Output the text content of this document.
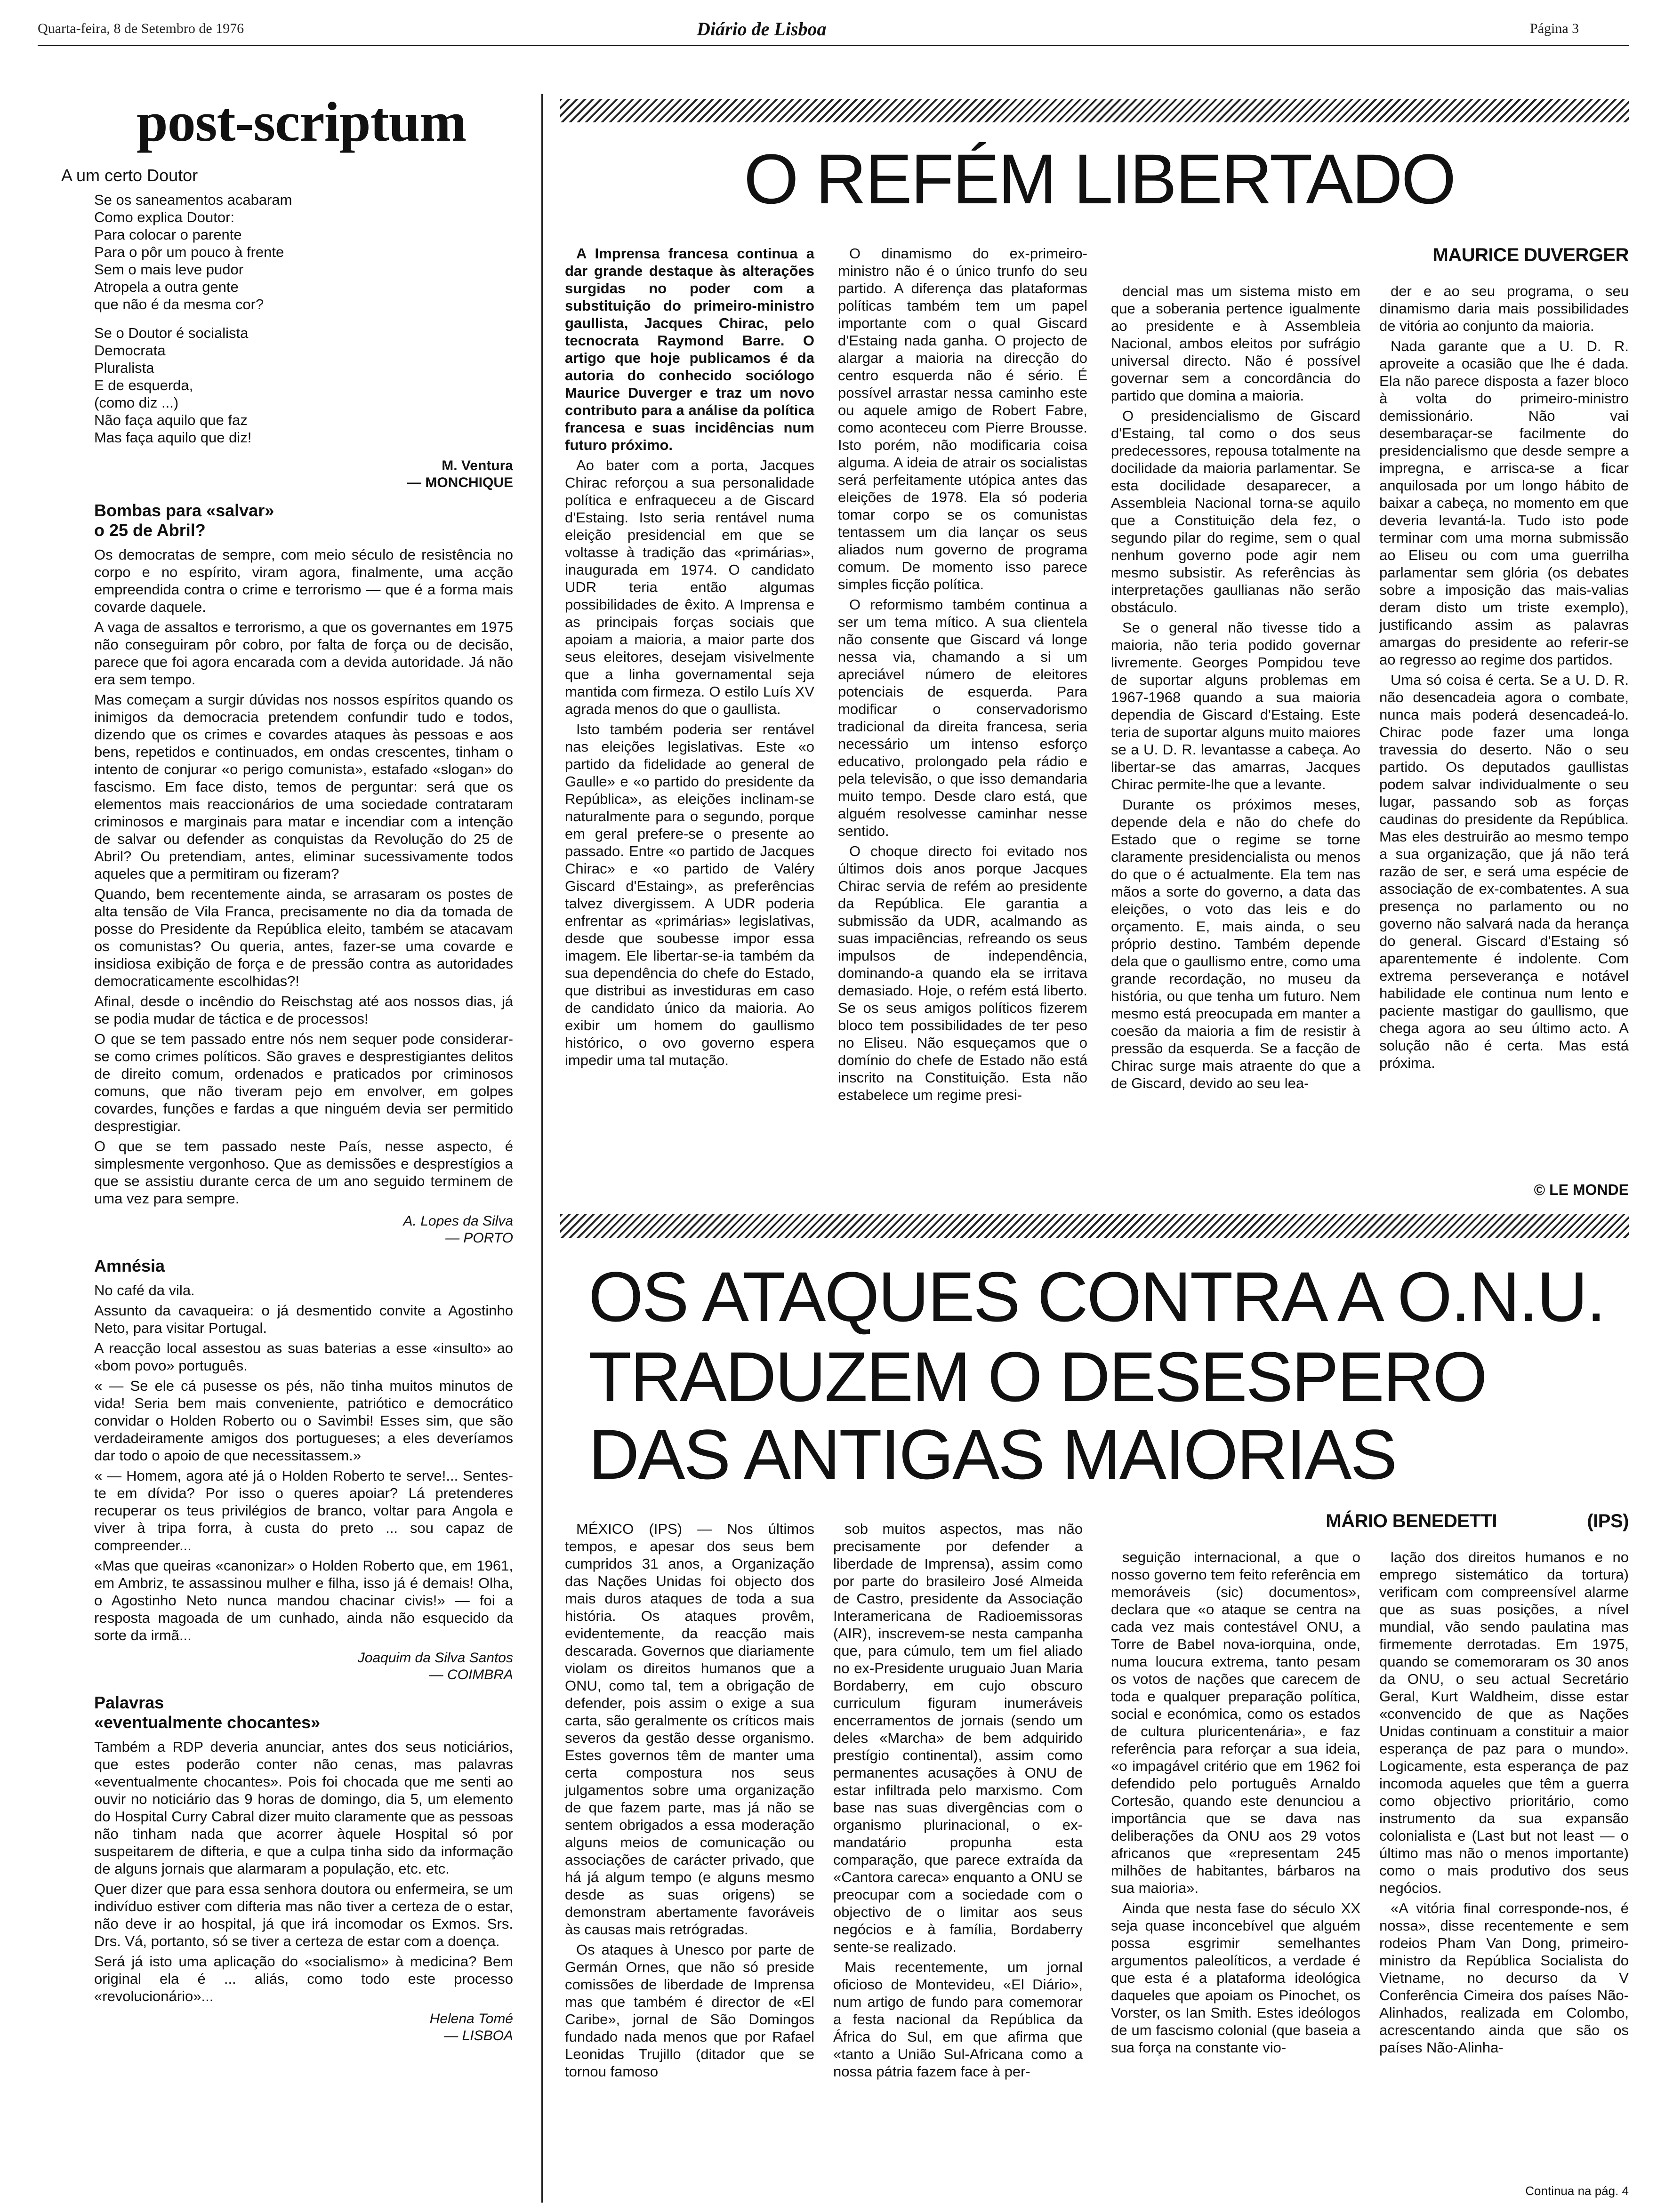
Quarta-feira, 8 de Setembro de 1976	Diário de Lisboa	Página 3
post-scriptum
A um certo Doutor
Se os saneamentos acabaram
Como explica Doutor:
Para colocar o parente
Para o pôr um pouco à frente
Sem o mais leve pudor
Atropela a outra gente
que não é da mesma cor?
Se o Doutor é socialista
Democrata
Pluralista
E de esquerda,
(como diz ...)
Não faça aquilo que faz
Mas faça aquilo que diz!
M. Ventura
— MONCHIQUE
Bombas para «salvar»
o 25 de Abril?

Os democratas de sempre, com meio século de resistência no corpo e no espírito, viram agora, finalmente, uma acção empreendida contra o crime e terrorismo — que é a forma mais covarde daquele.

A vaga de assaltos e terrorismo, a que os governantes em 1975 não conseguiram pôr cobro, por falta de força ou de decisão, parece que foi agora encarada com a devida autoridade. Já não era sem tempo.

Mas começam a surgir dúvidas nos nossos espíritos quando os inimigos da democracia pretendem confundir tudo e todos, dizendo que os crimes e covardes ataques às pessoas e aos bens, repetidos e continuados, em ondas crescentes, tinham o intento de conjurar «o perigo comunista», estafado «slogan» do fascismo. Em face disto, temos de perguntar: será que os elementos mais reaccionários de uma sociedade contrataram criminosos e marginais para matar e incendiar com a intenção de salvar ou defender as conquistas da Revolução do 25 de Abril? Ou pretendiam, antes, eliminar sucessivamente todos aqueles que a permitiram ou fizeram?

Quando, bem recentemente ainda, se arrasaram os postes de alta tensão de Vila Franca, precisamente no dia da tomada de posse do Presidente da República eleito, também se atacavam os comunistas? Ou queria, antes, fazer-se uma covarde e insidiosa exibição de força e de pressão contra as autoridades democraticamente escolhidas?!

Afinal, desde o incêndio do Reischstag até aos nossos dias, já se podia mudar de táctica e de processos!

O que se tem passado entre nós nem sequer pode considerar-se como crimes políticos. São graves e desprestigiantes delitos de direito comum, ordenados e praticados por criminosos comuns, que não tiveram pejo em envolver, em golpes covardes, funções e fardas a que ninguém devia ser permitido desprestigiar.

O que se tem passado neste País, nesse aspecto, é simplesmente vergonhoso. Que as demissões e desprestígios a que se assistiu durante cerca de um ano seguido terminem de uma vez para sempre.

A. Lopes da Silva
— PORTO
Amnésia

No café da vila.

Assunto da cavaqueira: o já desmentido convite a Agostinho Neto, para visitar Portugal.

A reacção local assestou as suas baterias a esse «insulto» ao «bom povo» português.

« — Se ele cá pusesse os pés, não tinha muitos minutos de vida! Seria bem mais conveniente, patriótico e democrático convidar o Holden Roberto ou o Savimbi! Esses sim, que são verdadeiramente amigos dos portugueses; a eles deveríamos dar todo o apoio de que necessitassem.»

« — Homem, agora até já o Holden Roberto te serve!... Sentes-te em dívida? Por isso o queres apoiar? Lá pretenderes recuperar os teus privilégios de branco, voltar para Angola e viver à tripa forra, à custa do preto ... sou capaz de compreender...

«Mas que queiras «canonizar» o Holden Roberto que, em 1961, em Ambriz, te assassinou mulher e filha, isso já é demais! Olha, o Agostinho Neto nunca mandou chacinar civis!» — foi a resposta magoada de um cunhado, ainda não esquecido da sorte da irmã...

Joaquim da Silva Santos
— COIMBRA
Palavras
«eventualmente chocantes»

Também a RDP deveria anunciar, antes dos seus noticiários, que estes poderão conter não cenas, mas palavras «eventualmente chocantes». Pois foi chocada que me senti ao ouvir no noticiário das 9 horas de domingo, dia 5, um elemento do Hospital Curry Cabral dizer muito claramente que as pessoas não tinham nada que acorrer àquele Hospital só por suspeitarem de difteria, e que a culpa tinha sido da informação de alguns jornais que alarmaram a população, etc. etc.

Quer dizer que para essa senhora doutora ou enfermeira, se um indivíduo estiver com difteria mas não tiver a certeza de o estar, não deve ir ao hospital, já que irá incomodar os Exmos. Srs. Drs. Vá, portanto, só se tiver a certeza de estar com a doença.

Será já isto uma aplicação do «socialismo» à medicina? Bem original ela é ... aliás, como todo este processo «revolucionário»...

Helena Tomé
— LISBOA
O REFÉM LIBERTADO
MAURICE DUVERGER

A Imprensa francesa continua a dar grande destaque às alterações surgidas no poder com a substituição do primeiro-ministro gaullista, Jacques Chirac, pelo tecnocrata Raymond Barre. O artigo que hoje publicamos é da autoria do conhecido sociólogo Maurice Duverger e traz um novo contributo para a análise da política francesa e suas incidências num futuro próximo.

Ao bater com a porta, Jacques Chirac reforçou a sua personalidade política e enfraqueceu a de Giscard d'Estaing. Isto seria rentável numa eleição presidencial em que se voltasse à tradição das «primárias», inaugurada em 1974. O candidato UDR teria então algumas possibilidades de êxito. A Imprensa e as principais forças sociais que apoiam a maioria, a maior parte dos seus eleitores, desejam visivelmente que a linha governamental seja mantida com firmeza. O estilo Luís XV agrada menos do que o gaullista.

Isto também poderia ser rentável nas eleições legislativas. Este «o partido da fidelidade ao general de Gaulle» e «o partido do presidente da República», as eleições inclinam-se naturalmente para o segundo, porque em geral prefere-se o presente ao passado. Entre «o partido de Jacques Chirac» e «o partido de Valéry Giscard d'Estaing», as preferências talvez divergissem. A UDR poderia enfrentar as «primárias» legislativas, desde que soubesse impor essa imagem. Ele libertar-se-ia também da sua dependência do chefe do Estado, que distribui as investiduras em caso de candidato único da maioria. Ao exibir um homem do gaullismo histórico, o ovo governo espera impedir uma tal mutação.

O dinamismo do ex-primeiro-ministro não é o único trunfo do seu partido. A diferença das plataformas políticas também tem um papel importante com o qual Giscard d'Estaing nada ganha. O projecto de alargar a maioria na direcção do centro esquerda não é sério. É possível arrastar nessa caminho este ou aquele amigo de Robert Fabre, como aconteceu com Pierre Brousse. Isto porém, não modificaria coisa alguma. A ideia de atrair os socialistas será perfeitamente utópica antes das eleições de 1978. Ela só poderia tomar corpo se os comunistas tentassem um dia lançar os seus aliados num governo de programa comum. De momento isso parece simples ficção política.

O reformismo também continua a ser um tema mítico. A sua clientela não consente que Giscard vá longe nessa via, chamando a si um apreciável número de eleitores potenciais de esquerda. Para modificar o conservadorismo tradicional da direita francesa, seria necessário um intenso esforço educativo, prolongado pela rádio e pela televisão, o que isso demandaria muito tempo. Desde claro está, que alguém resolvesse caminhar nesse sentido.

O choque directo foi evitado nos últimos dois anos porque Jacques Chirac servia de refém ao presidente da República. Ele garantia a submissão da UDR, acalmando as suas impaciências, refreando os seus impulsos de independência, dominando-a quando ela se irritava demasiado. Hoje, o refém está liberto. Se os seus amigos políticos fizerem bloco tem possibilidades de ter peso no Eliseu. Não esqueçamos que o domínio do chefe de Estado não está inscrito na Constituição. Esta não estabelece um regime presi-

dencial mas um sistema misto em que a soberania pertence igualmente ao presidente e à Assembleia Nacional, ambos eleitos por sufrágio universal directo. Não é possível governar sem a concordância do partido que domina a maioria.

O presidencialismo de Giscard d'Estaing, tal como o dos seus predecessores, repousa totalmente na docilidade da maioria parlamentar. Se esta docilidade desaparecer, a Assembleia Nacional torna-se aquilo que a Constituição dela fez, o segundo pilar do regime, sem o qual nenhum governo pode agir nem mesmo subsistir. As referências às interpretações gaullianas não serão obstáculo.

Se o general não tivesse tido a maioria, não teria podido governar livremente. Georges Pompidou teve de suportar alguns problemas em 1967-1968 quando a sua maioria dependia de Giscard d'Estaing. Este teria de suportar alguns muito maiores se a U. D. R. levantasse a cabeça. Ao libertar-se das amarras, Jacques Chirac permite-lhe que a levante.

Durante os próximos meses, depende dela e não do chefe do Estado que o regime se torne claramente presidencialista ou menos do que o é actualmente. Ela tem nas mãos a sorte do governo, a data das eleições, o voto das leis e do orçamento. E, mais ainda, o seu próprio destino. Também depende dela que o gaullismo entre, como uma grande recordação, no museu da história, ou que tenha um futuro. Nem mesmo está preocupada em manter a coesão da maioria a fim de resistir à pressão da esquerda. Se a facção de Chirac surge mais atraente do que a de Giscard, devido ao seu lea-

der e ao seu programa, o seu dinamismo daria mais possibilidades de vitória ao conjunto da maioria.

Nada garante que a U. D. R. aproveite a ocasião que lhe é dada. Ela não parece disposta a fazer bloco à volta do primeiro-ministro demissionário. Não vai desembaraçar-se facilmente do presidencialismo que desde sempre a impregna, e arrisca-se a ficar anquilosada por um longo hábito de baixar a cabeça, no momento em que deveria levantá-la. Tudo isto pode terminar com uma morna submissão ao Eliseu ou com uma guerrilha parlamentar sem glória (os debates sobre a imposição das mais-valias deram disto um triste exemplo), justificando assim as palavras amargas do presidente ao referir-se ao regresso ao regime dos partidos.

Uma só coisa é certa. Se a U. D. R. não desencadeia agora o combate, nunca mais poderá desencadeá-lo. Chirac pode fazer uma longa travessia do deserto. Não o seu partido. Os deputados gaullistas podem salvar individualmente o seu lugar, passando sob as forças caudinas do presidente da República. Mas eles destruirão ao mesmo tempo a sua organização, que já não terá razão de ser, e será uma espécie de associação de ex-combatentes. A sua presença no parlamento ou no governo não salvará nada da herança do general. Giscard d'Estaing só aparentemente é indolente. Com extrema perseverança e notável habilidade ele continua num lento e paciente mastigar do gaullismo, que chega agora ao seu último acto. A solução não é certa. Mas está próxima.

© LE MONDE
OS ATAQUES CONTRA A O.N.U.
TRADUZEM O DESESPERO
DAS ANTIGAS MAIORIAS
MÁRIO BENEDETTI	(IPS)

MÉXICO (IPS) — Nos últimos tempos, e apesar dos seus bem cumpridos 31 anos, a Organização das Nações Unidas foi objecto dos mais duros ataques de toda a sua história. Os ataques provêm, evidentemente, da reacção mais descarada. Governos que diariamente violam os direitos humanos que a ONU, como tal, tem a obrigação de defender, pois assim o exige a sua carta, são geralmente os críticos mais severos da gestão desse organismo. Estes governos têm de manter uma certa compostura nos seus julgamentos sobre uma organização de que fazem parte, mas já não se sentem obrigados a essa moderação alguns meios de comunicação ou associações de carácter privado, que há já algum tempo (e alguns mesmo desde as suas origens) se demonstram abertamente favoráveis às causas mais retrógradas.

Os ataques à Unesco por parte de Germán Ornes, que não só preside comissões de liberdade de Imprensa mas que também é director de «El Caribe», jornal de São Domingos fundado nada menos que por Rafael Leonidas Trujillo (ditador que se tornou famoso

sob muitos aspectos, mas não precisamente por defender a liberdade de Imprensa), assim como por parte do brasileiro José Almeida de Castro, presidente da Associação Interamericana de Radioemissoras (AIR), inscrevem-se nesta campanha que, para cúmulo, tem um fiel aliado no ex-Presidente uruguaio Juan Maria Bordaberry, em cujo obscuro curriculum figuram inumeráveis encerramentos de jornais (sendo um deles «Marcha» de bem adquirido prestígio continental), assim como permanentes acusações à ONU de estar infiltrada pelo marxismo. Com base nas suas divergências com o organismo plurinacional, o ex-mandatário propunha esta comparação, que parece extraída da «Cantora careca» enquanto a ONU se preocupar com a sociedade com o objectivo de o limitar aos seus negócios e à família, Bordaberry sente-se realizado.

Mais recentemente, um jornal oficioso de Montevideu, «El Diário», num artigo de fundo para comemorar a festa nacional da República da África do Sul, em que afirma que «tanto a União Sul-Africana como a nossa pátria fazem face à per-

seguição internacional, a que o nosso governo tem feito referência em memoráveis (sic) documentos», declara que «o ataque se centra na cada vez mais contestável ONU, a Torre de Babel nova-iorquina, onde, numa loucura extrema, tanto pesam os votos de nações que carecem de toda e qualquer preparação política, social e económica, como os estados de cultura pluricentenária», e faz referência para reforçar a sua ideia, «o impagável critério que em 1962 foi defendido pelo português Arnaldo Cortesão, quando este denunciou a importância que se dava nas deliberações da ONU aos 29 votos africanos que «representam 245 milhões de habitantes, bárbaros na sua maioria».

Ainda que nesta fase do século XX seja quase inconcebível que alguém possa esgrimir semelhantes argumentos paleolíticos, a verdade é que esta é a plataforma ideológica daqueles que apoiam os Pinochet, os Vorster, os Ian Smith. Estes ideólogos de um fascismo colonial (que baseia a sua força na constante vio-

lação dos direitos humanos e no emprego sistemático da tortura) verificam com compreensível alarme que as suas posições, a nível mundial, vão sendo paulatina mas firmemente derrotadas. Em 1975, quando se comemoraram os 30 anos da ONU, o seu actual Secretário Geral, Kurt Waldheim, disse estar «convencido de que as Nações Unidas continuam a constituir a maior esperança de paz para o mundo». Logicamente, esta esperança de paz incomoda aqueles que têm a guerra como objectivo prioritário, como instrumento da sua expansão colonialista e (Last but not least — o último mas não o menos importante) como o mais produtivo dos seus negócios.

«A vitória final corresponde-nos, é nossa», disse recentemente e sem rodeios Pham Van Dong, primeiro-ministro da República Socialista do Vietname, no decurso da V Conferência Cimeira dos países Não-Alinhados, realizada em Colombo, acrescentando ainda que são os países Não-Alinha-

Continua na pág. 4
